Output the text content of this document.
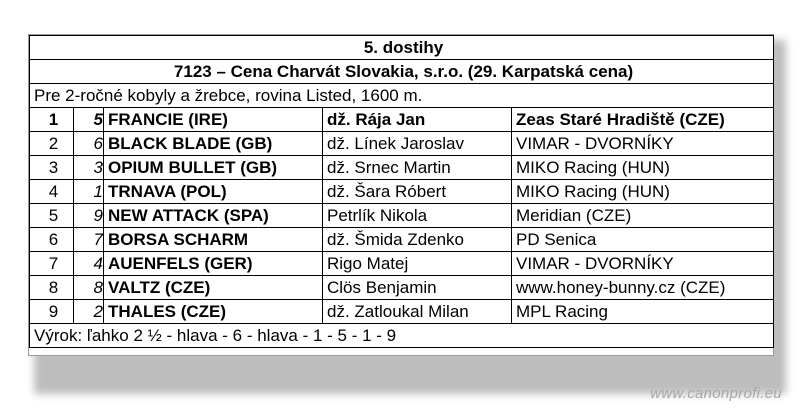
5. dostihy				
7123 – Cena Charvát Slovakia, s.r.o. (29. Karpatská cena)				
Pre 2-ročné kobyly a žrebce, rovina Listed, 1600 m.				
1	5	FRANCIE (IRE)	dž. Rája Jan	Zeas Staré Hradiště (CZE)
2	6	BLACK BLADE (GB)	dž. Línek Jaroslav	VIMAR - DVORNÍKY
3	3	OPIUM BULLET (GB)	dž. Srnec Martin	MIKO Racing (HUN)
4	1	TRNAVA (POL)	dž. Šara Róbert	MIKO Racing (HUN)
5	9	NEW ATTACK (SPA)	Petrlík Nikola	Meridian (CZE)
6	7	BORSA SCHARM	dž. Šmida Zdenko	PD Senica
7	4	AUENFELS (GER)	Rigo Matej	VIMAR - DVORNÍKY
8	8	VALTZ (CZE)	Clös Benjamin	www.honey-bunny.cz (CZE)
9	2	THALES (CZE)	dž. Zatloukal Milan	MPL Racing
Výrok: ľahko 2 ½ - hlava - 6 - hlava - 1 - 5 - 1 - 9				
www.canonprofi.eu
